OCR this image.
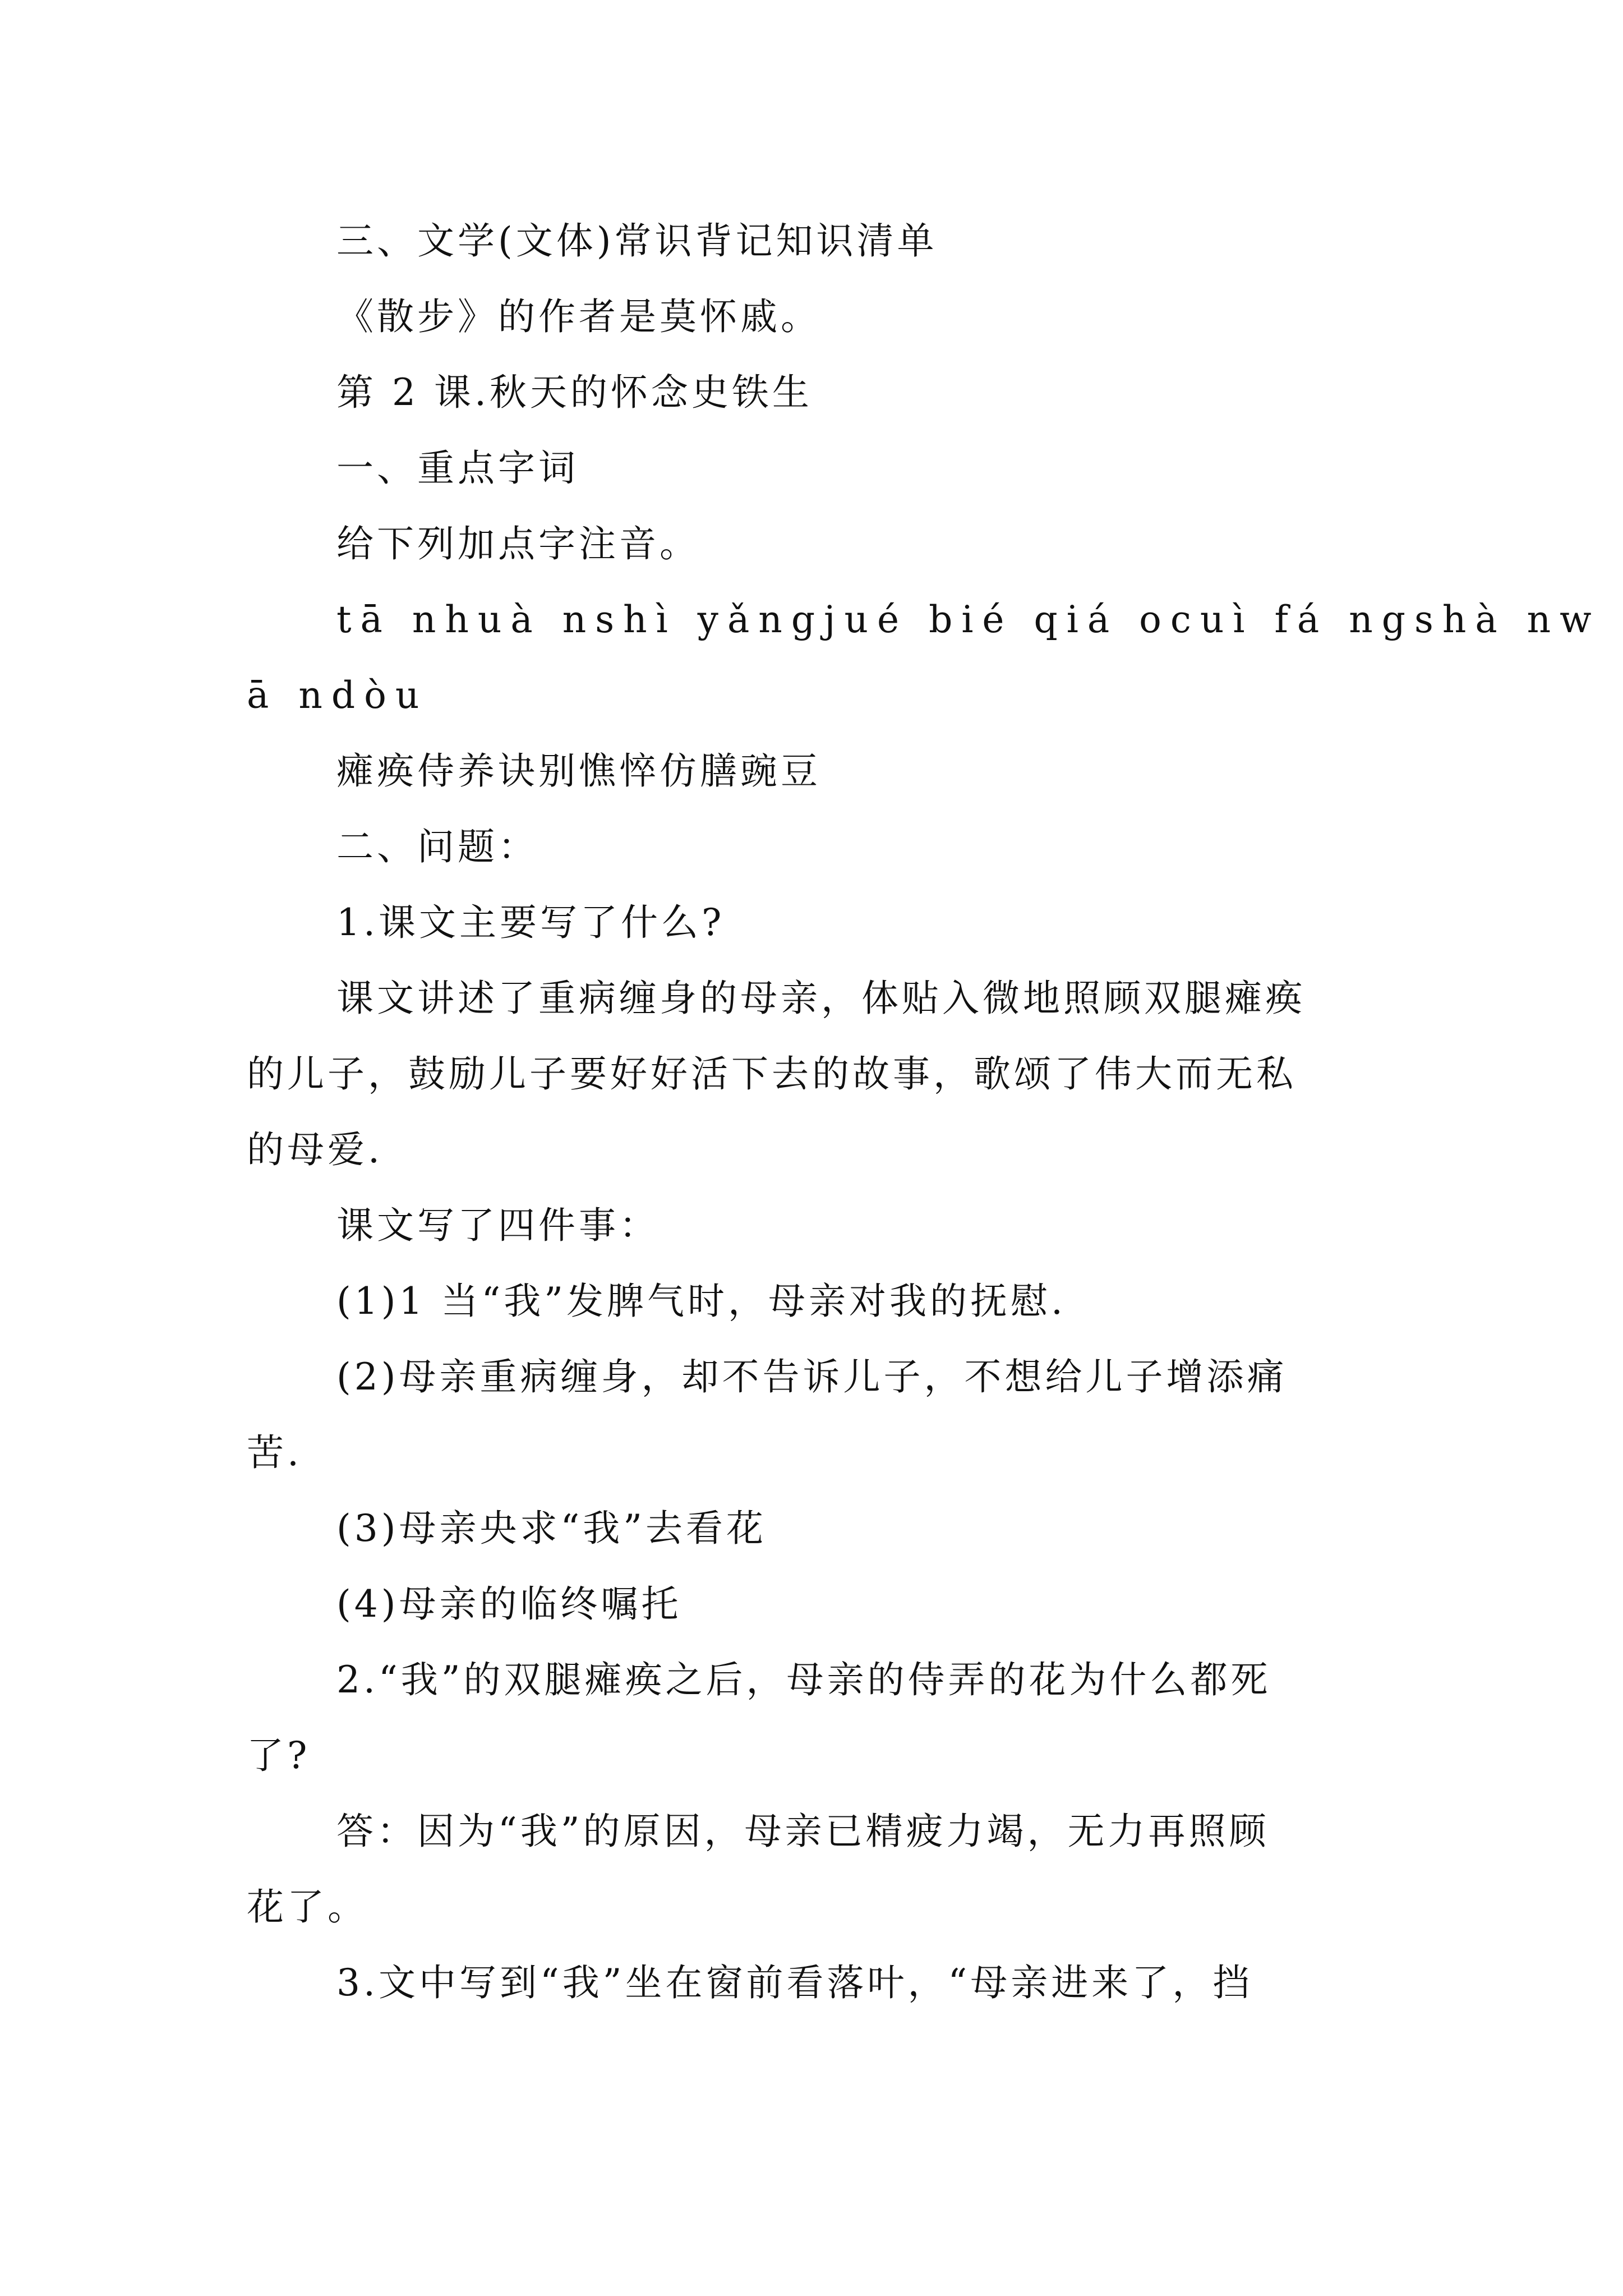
三、文学(文体)常识背记知识清单

《散步》的作者是莫怀戚。

第 2 课.秋天的怀念史铁生

一、重点字词

给下列加点字注音。

tā nhuà nshì yǎngjué bié qiá ocuì fá ngshà nw

ā ndòu

瘫痪侍养诀别憔悴仿膳豌豆

二、问题：

1.课文主要写了什么?

课文讲述了重病缠身的母亲，体贴入微地照顾双腿瘫痪

的儿子，鼓励儿子要好好活下去的故事，歌颂了伟大而无私

的母爱.

课文写了四件事：

(1)1 当“我”发脾气时，母亲对我的抚慰.

(2)母亲重病缠身，却不告诉儿子，不想给儿子增添痛

苦.

(3)母亲央求“我”去看花

(4)母亲的临终嘱托

2.“我”的双腿瘫痪之后，母亲的侍弄的花为什么都死

了?

答：因为“我”的原因，母亲已精疲力竭，无力再照顾

花了。

3.文中写到“我”坐在窗前看落叶，“母亲进来了，挡
